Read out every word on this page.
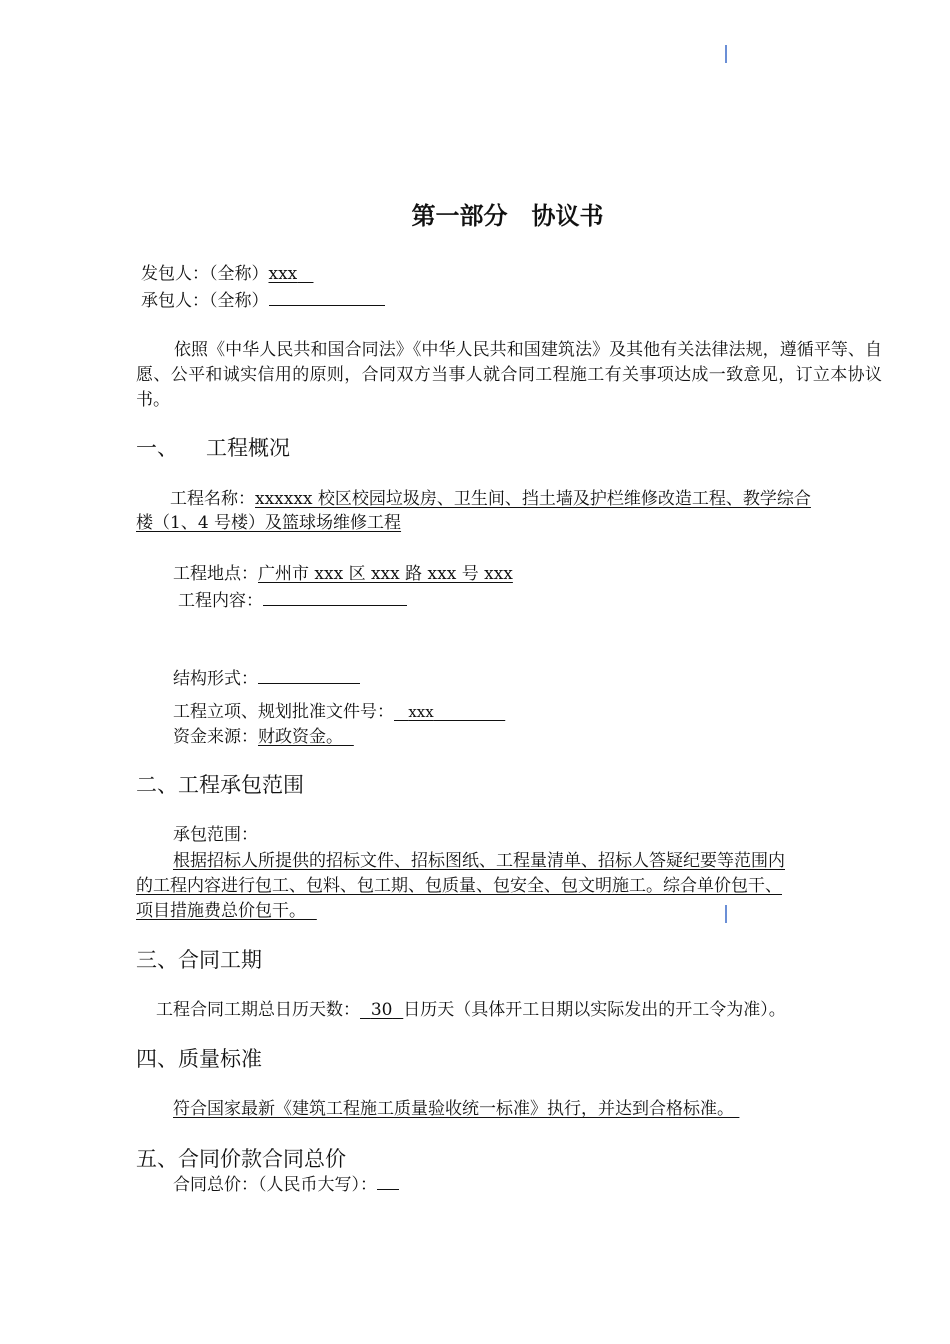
第一部分　协议书
发包人：（全称）xxx
承包人：（全称）
依照《中华人民共和国合同法》《中华人民共和国建筑法》及其他有关法律法规，遵循平等、自愿、公平和诚实信用的原则，合同双方当事人就合同工程施工有关事项达成一致意见，订立本协议书。
一、 工程概况
工程名称：xxxxxx 校区校园垃圾房、卫生间、挡土墙及护栏维修改造工程、教学综合
楼（1、4 号楼）及篮球场维修工程
工程地点：广州市 xxx 区 xxx 路 xxx 号 xxx
工程内容：
结构形式：
工程立项、规划批准文件号： xxx
资金来源：财政资金。
二、工程承包范围
承包范围：
根据招标人所提供的招标文件、招标图纸、工程量清单、招标人答疑纪要等范围内
的工程内容进行包工、包料、包工期、包质量、包安全、包文明施工。综合单价包干、
项目措施费总价包干。
三、合同工期
工程合同工期总日历天数： 30 日历天（具体开工日期以实际发出的开工令为准）。
四、质量标准
符合国家最新《建筑工程施工质量验收统一标准》执行，并达到合格标准。
五、合同价款合同总价
合同总价：（人民币大写）：
